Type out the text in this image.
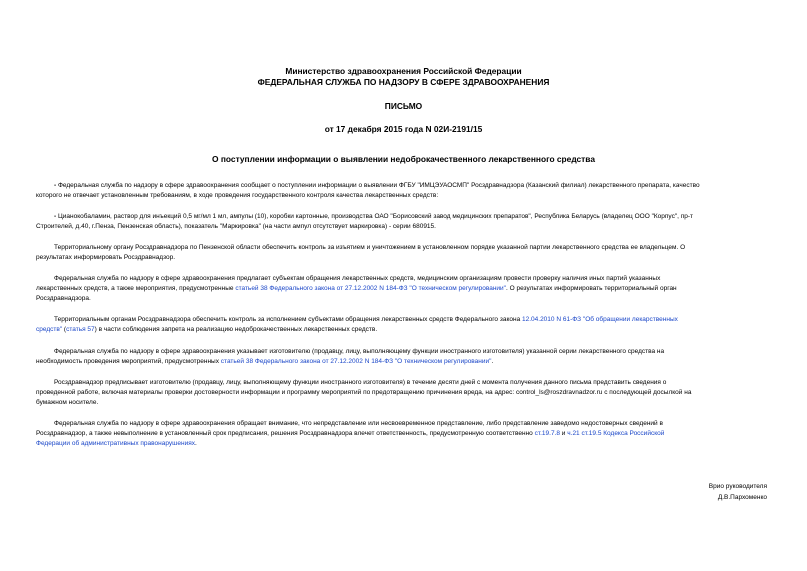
Министерство здравоохранения Российской Федерации
ФЕДЕРАЛЬНАЯ СЛУЖБА ПО НАДЗОРУ В СФЕРЕ ЗДРАВООХРАНЕНИЯ
ПИСЬМО
от 17 декабря 2015 года N 02И-2191/15
О поступлении информации о выявлении недоброкачественного лекарственного средства
- Федеральная служба по надзору в сфере здравоохранения сообщает о поступлении информации о выявлении ФГБУ "ИМЦЭУАОСМП" Росздравнадзора (Казанский филиал) лекарственного препарата, качество
которого не отвечает установленным требованиям, в ходе проведения государственного контроля качества лекарственных средств:
- Цианокобаламин, раствор для инъекций 0,5 мг/мл 1 мл, ампулы (10), коробки картонные, производства ОАО "Борисовский завод медицинских препаратов", Республика Беларусь (владелец ООО "Корпус", пр-т
Строителей, д.40, г.Пенза, Пензенская область), показатель "Маркировка" (на части ампул отсутствует маркировка) - серии 680915.
Территориальному органу Росздравнадзора по Пензенской области обеспечить контроль за изъятием и уничтожением в установленном порядке указанной партии лекарственного средства ее владельцем. О
результатах информировать Росздравнадзор.
Федеральная служба по надзору в сфере здравоохранения предлагает субъектам обращения лекарственных средств, медицинским организациям провести проверку наличия иных партий указанных
лекарственных средств, а также мероприятия, предусмотренные статьей 38 Федерального закона от 27.12.2002 N 184-ФЗ "О техническом регулировании". О результатах информировать территориальный орган
Росздравнадзора.
Территориальным органам Росздравнадзора обеспечить контроль за исполнением субъектами обращения лекарственных средств Федерального закона 12.04.2010 N 61-ФЗ "Об обращении лекарственных
средств" (статья 57) в части соблюдения запрета на реализацию недоброкачественных лекарственных средств.
Федеральная служба по надзору в сфере здравоохранения указывает изготовителю (продавцу, лицу, выполняющему функции иностранного изготовителя) указанной серии лекарственного средства на
необходимость проведения мероприятий, предусмотренных статьей 38 Федерального закона от 27.12.2002 N 184-ФЗ "О техническом регулировании".
Росздравнадзор предписывает изготовителю (продавцу, лицу, выполняющему функции иностранного изготовителя) в течение десяти дней с момента получения данного письма представить сведения о
проведенной работе, включая материалы проверки достоверности информации и программу мероприятий по предотвращению причинения вреда, на адрес: control_ls@roszdravnadzor.ru с последующей досылкой на
бумажном носителе.
Федеральная служба по надзору в сфере здравоохранения обращает внимание, что непредставление или несвоевременное представление, либо представление заведомо недостоверных сведений в
Росздравнадзор, а также невыполнение в установленный срок предписания, решения Росздравнадзора влечет ответственность, предусмотренную соответственно ст.19.7.8 и ч.21 ст.19.5 Кодекса Российской
Федерации об административных правонарушениях.
Врио руководителя
Д.В.Пархоменко
